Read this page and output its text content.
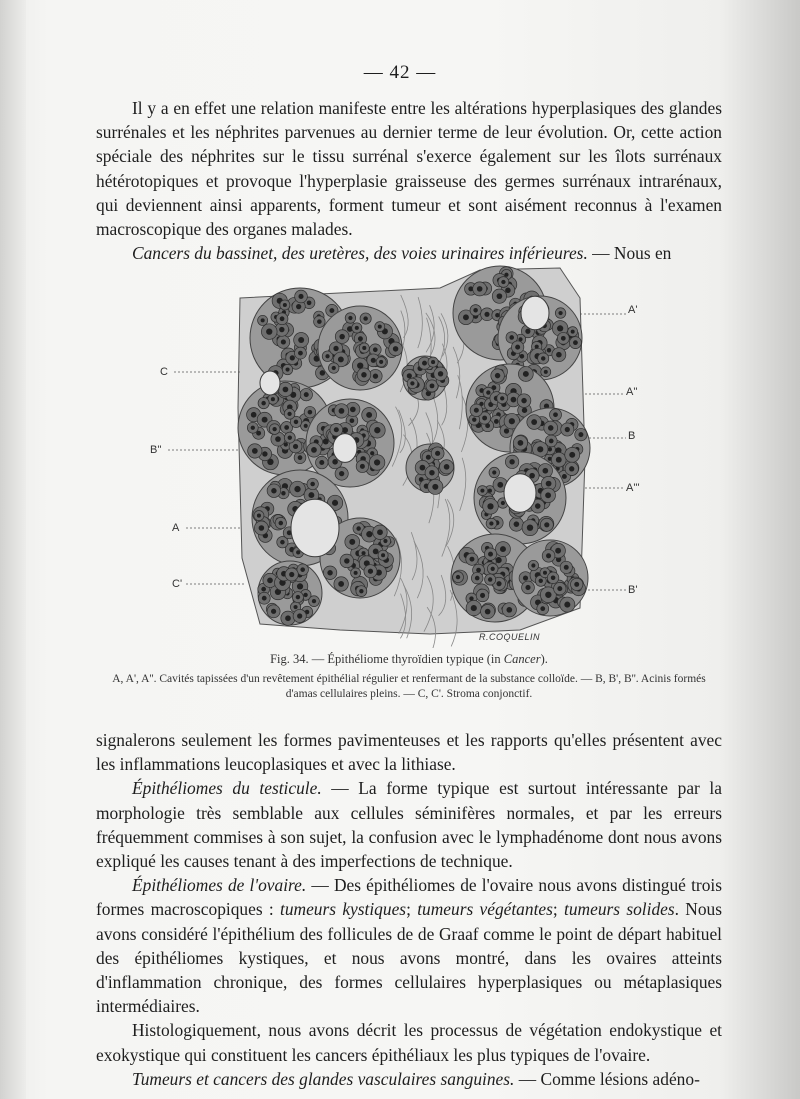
— 42 —

Il y a en effet une relation manifeste entre les altérations hyperplasiques des glandes surrénales et les néphrites parvenues au dernier terme de leur évolution. Or, cette action spéciale des néphrites sur le tissu surrénal s'exerce également sur les îlots surrénaux hétérotopiques et provoque l'hyperplasie graisseuse des germes surrénaux intrarénaux, qui deviennent ainsi apparents, forment tumeur et sont aisément reconnus à l'examen macroscopique des organes malades.

Cancers du bassinet, des uretères, des voies urinaires inférieures. — Nous en

A'
A''
B
A'''
B'
C
B''
A
C'
R.COQUELIN
Fig. 34. — Épithéliome thyroïdien typique (in Cancer).
A, A', A''. Cavités tapissées d'un revêtement épithélial régulier et renfermant de la substance colloïde. — B, B', B''. Acinis formés d'amas cellulaires pleins. — C, C'. Stroma conjonctif.

signalerons seulement les formes pavimenteuses et les rapports qu'elles présentent avec les inflammations leucoplasiques et avec la lithiase.

Épithéliomes du testicule. — La forme typique est surtout intéressante par la morphologie très semblable aux cellules séminifères normales, et par les erreurs fréquemment commises à son sujet, la confusion avec le lymphadénome dont nous avons expliqué les causes tenant à des imperfections de technique.

Épithéliomes de l'ovaire. — Des épithéliomes de l'ovaire nous avons distingué trois formes macroscopiques : tumeurs kystiques; tumeurs végétantes; tumeurs solides. Nous avons considéré l'épithélium des follicules de de Graaf comme le point de départ habituel des épithéliomes kystiques, et nous avons montré, dans les ovaires atteints d'inflammation chronique, des formes cellulaires hyperplasiques ou métaplasiques intermédiaires.

Histologiquement, nous avons décrit les processus de végétation endokystique et exokystique qui constituent les cancers épithéliaux les plus typiques de l'ovaire.

Tumeurs et cancers des glandes vasculaires sanguines. — Comme lésions adéno-
